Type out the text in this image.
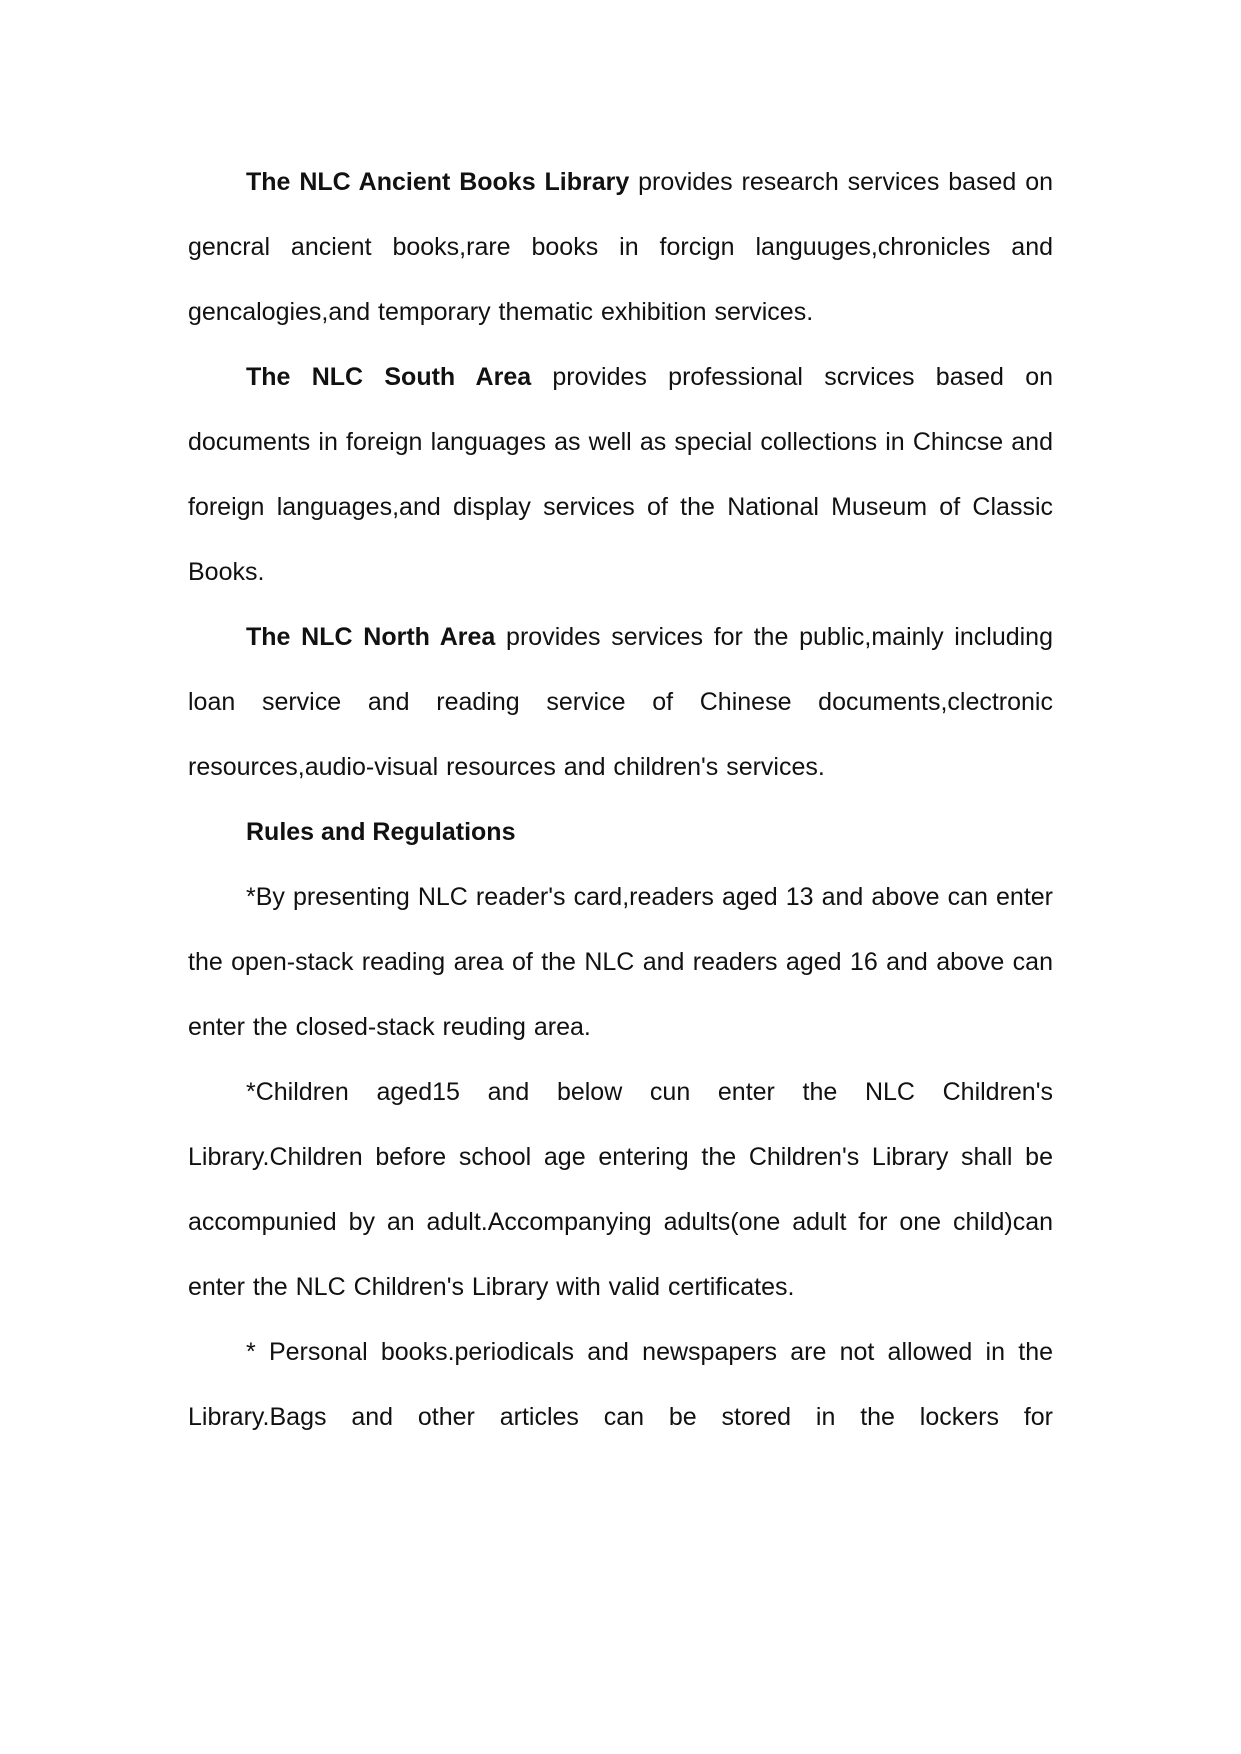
The NLC Ancient Books Library provides research services based on gencral ancient books,rare books in forcign languuges,chronicles and gencalogies,and temporary thematic exhibition services.

The NLC South Area provides professional scrvices based on documents in foreign languages as well as special collections in Chincse and foreign languages,and display services of the National Museum of Classic Books.

The NLC North Area provides services for the public,mainly including loan service and reading service of Chinese documents,clectronic resources,audio-visual resources and children's services.

Rules and Regulations

*By presenting NLC reader's card,readers aged 13 and above can enter the open-stack reading area of the NLC and readers aged 16 and above can enter the closed-stack reuding area.

*Children aged15 and below cun enter the NLC Children's Library.Children before school age entering the Children's Library shall be accompunied by an adult.Accompanying adults(one adult for one child)can enter the NLC Children's Library with valid certificates.

* Personal books.periodicals and newspapers are not allowed in the Library.Bags and other articles can be stored in the lockers for
